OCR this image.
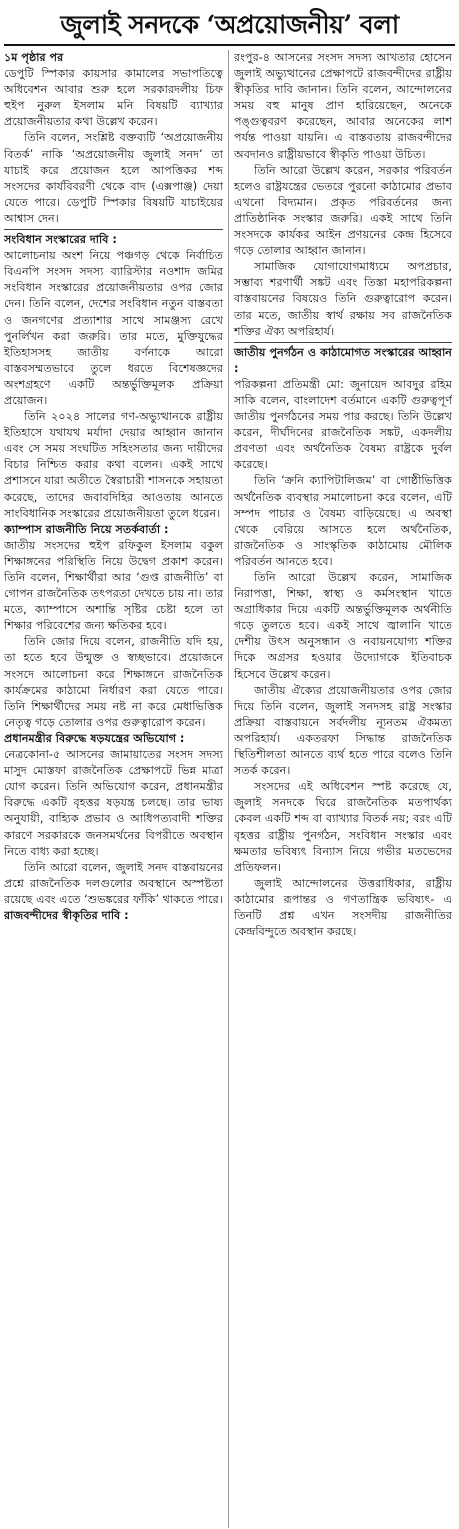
জুলাই সনদকে ‘অপ্রয়োজনীয়’ বলা

১ম পৃষ্ঠার পর

ডেপুটি স্পিকার কায়সার কামালের সভাপতিত্বে অধিবেশন আবার শুরু হলে সরকারদলীয় চিফ হুইপ নুরুল ইসলাম মনি বিষয়টি ব্যাখ্যার প্রয়োজনীয়তার কথা উল্লেখ করেন।

তিনি বলেন, সংশ্লিষ্ট বক্তব্যটি ‘অপ্রয়োজনীয় বিতর্ক’ নাকি ‘অপ্রয়োজনীয় জুলাই সনদ’ তা যাচাই করে প্রয়োজন হলে আপত্তিকর শব্দ সংসদের কার্যবিবরণী থেকে বাদ (এক্সপাঞ্জ) দেয়া যেতে পারে। ডেপুটি স্পিকার বিষয়টি যাচাইয়ের আশ্বাস দেন।

সংবিধান সংস্কারের দাবি :

আলোচনায় অংশ নিয়ে পঞ্চগড় থেকে নির্বাচিত বিএনপি সংসদ সদস্য ব্যারিস্টার নওশাদ জমির সংবিধান সংস্কারের প্রয়োজনীয়তার ওপর জোর দেন। তিনি বলেন, দেশের সংবিধান নতুন বাস্তবতা ও জনগণের প্রত্যাশার সাথে সামঞ্জস্য রেখে পুনর্লিখন করা জরুরি। তার মতে, মুক্তিযুদ্ধের ইতিহাসসহ জাতীয় বর্ণনাকে আরো বাস্তবসম্মতভাবে তুলে ধরতে বিশেষজ্ঞদের অংশগ্রহণে একটি অন্তর্ভুক্তিমূলক প্রক্রিয়া প্রয়োজন।

তিনি ২০২৪ সালের গণ-অভ্যুত্থানকে রাষ্ট্রীয় ইতিহাসে যথাযথ মর্যাদা দেয়ার আহ্বান জানান এবং সে সময় সংঘটিত সহিংসতার জন্য দায়ীদের বিচার নিশ্চিত করার কথা বলেন। একই সাথে প্রশাসনে যারা অতীতে স্বৈরাচারী শাসনকে সহায়তা করেছে, তাদের জবাবদিহির আওতায় আনতে সাংবিধানিক সংস্কারের প্রয়োজনীয়তা তুলে ধরেন।

ক্যাম্পাস রাজনীতি নিয়ে সতর্কবার্তা :

জাতীয় সংসদের হুইপ রফিকুল ইসলাম বকুল শিক্ষাঙ্গনের পরিস্থিতি নিয়ে উদ্বেগ প্রকাশ করেন। তিনি বলেন, শিক্ষার্থীরা আর ‘গুপ্ত রাজনীতি’ বা গোপন রাজনৈতিক তৎপরতা দেখতে চায় না। তার মতে, ক্যাম্পাসে অশান্তি সৃষ্টির চেষ্টা হলে তা শিক্ষার পরিবেশের জন্য ক্ষতিকর হবে।

তিনি জোর দিয়ে বলেন, রাজনীতি যদি হয়, তা হতে হবে উন্মুক্ত ও স্বচ্ছভাবে। প্রয়োজনে সংসদে আলোচনা করে শিক্ষাঙ্গনে রাজনৈতিক কার্যক্রমের কাঠামো নির্ধারণ করা যেতে পারে। তিনি শিক্ষার্থীদের সময় নষ্ট না করে মেধাভিত্তিক নেতৃত্ব গড়ে তোলার ওপর গুরুত্বারোপ করেন।

প্রধানমন্ত্রীর বিরুদ্ধে ষড়যন্ত্রের অভিযোগ :

নেত্রকোনা-৫ আসনের জামায়াতের সংসদ সদস্য মাসুদ মোস্তফা রাজনৈতিক প্রেক্ষাপটে ভিন্ন মাত্রা যোগ করেন। তিনি অভিযোগ করেন, প্রধানমন্ত্রীর বিরুদ্ধে একটি বৃহত্তর ষড়যন্ত্র চলছে। তার ভাষ্য অনুযায়ী, বাহ্যিক প্রভাব ও আধিপত্যবাদী শক্তির কারণে সরকারকে জনসমর্থনের বিপরীতে অবস্থান নিতে বাধ্য করা হচ্ছে।

তিনি আরো বলেন, জুলাই সনদ বাস্তবায়নের প্রশ্নে রাজনৈতিক দলগুলোর অবস্থানে অস্পষ্টতা রয়েছে এবং এতে ‘শুভঙ্করের ফাঁকি’ থাকতে পারে।

রাজবন্দীদের স্বীকৃতির দাবি :

রংপুর-৪ আসনের সংসদ সদস্য আখতার হোসেন জুলাই অভ্যুত্থানের প্রেক্ষাপটে রাজবন্দীদের রাষ্ট্রীয় স্বীকৃতির দাবি জানান। তিনি বলেন, আন্দোলনের সময় বহু মানুষ প্রাণ হারিয়েছেন, অনেকে পঙ্গুত্ববরণ করেছেন, আবার অনেকের লাশ পর্যন্ত পাওয়া যায়নি। এ বাস্তবতায় রাজবন্দীদের অবদানও রাষ্ট্রীয়ভাবে স্বীকৃতি পাওয়া উচিত।

তিনি আরো উল্লেখ করেন, সরকার পরিবর্তন হলেও রাষ্ট্রযন্ত্রের ভেতরে পুরনো কাঠামোর প্রভাব এখনো বিদ্যমান। প্রকৃত পরিবর্তনের জন্য প্রাতিষ্ঠানিক সংস্কার জরুরি। একই সাথে তিনি সংসদকে কার্যকর আইন প্রণয়নের কেন্দ্র হিসেবে গড়ে তোলার আহ্বান জানান।

সামাজিক যোগাযোগমাধ্যমে অপপ্রচার, সম্ভাব্য শরণার্থী সঙ্কট এবং তিস্তা মহাপরিকল্পনা বাস্তবায়নের বিষয়েও তিনি গুরুত্বারোপ করেন। তার মতে, জাতীয় স্বার্থ রক্ষায় সব রাজনৈতিক শক্তির ঐক্য অপরিহার্য।

জাতীয় পুনর্গঠন ও কাঠামোগত সংস্কারের আহ্বান :

পরিকল্পনা প্রতিমন্ত্রী মো: জুনায়েদ আবদুর রহিম সাকি বলেন, বাংলাদেশ বর্তমানে একটি গুরুত্বপূর্ণ জাতীয় পুনর্গঠনের সময় পার করছে। তিনি উল্লেখ করেন, দীর্ঘদিনের রাজনৈতিক সঙ্কট, একদলীয় প্রবণতা এবং অর্থনৈতিক বৈষম্য রাষ্ট্রকে দুর্বল করেছে।

তিনি ‘ক্রনি ক্যাপিটালিজম’ বা গোষ্ঠীভিত্তিক অর্থনৈতিক ব্যবস্থার সমালোচনা করে বলেন, এটি সম্পদ পাচার ও বৈষম্য বাড়িয়েছে। এ অবস্থা থেকে বেরিয়ে আসতে হলে অর্থনৈতিক, রাজনৈতিক ও সাংস্কৃতিক কাঠামোয় মৌলিক পরিবর্তন আনতে হবে।

তিনি আরো উল্লেখ করেন, সামাজিক নিরাপত্তা, শিক্ষা, স্বাস্থ্য ও কর্মসংস্থান খাতে অগ্রাধিকার দিয়ে একটি অন্তর্ভুক্তিমূলক অর্থনীতি গড়ে তুলতে হবে। একই সাথে জ্বালানি খাতে দেশীয় উৎস অনুসন্ধান ও নবায়নযোগ্য শক্তির দিকে অগ্রসর হওয়ার উদ্যোগকে ইতিবাচক হিসেবে উল্লেখ করেন।

জাতীয় ঐক্যের প্রয়োজনীয়তার ওপর জোর দিয়ে তিনি বলেন, জুলাই সনদসহ রাষ্ট্র সংস্কার প্রক্রিয়া বাস্তবায়নে সর্বদলীয় ন্যূনতম ঐকমত্য অপরিহার্য। একতরফা সিদ্ধান্ত রাজনৈতিক স্থিতিশীলতা আনতে ব্যর্থ হতে পারে বলেও তিনি সতর্ক করেন।

সংসদের এই অধিবেশন স্পষ্ট করেছে যে, জুলাই সনদকে ঘিরে রাজনৈতিক মতপার্থক্য কেবল একটি শব্দ বা ব্যাখ্যার বিতর্ক নয়; বরং এটি বৃহত্তর রাষ্ট্রীয় পুনর্গঠন, সংবিধান সংস্কার এবং ক্ষমতার ভবিষ্যৎ বিন্যাস নিয়ে গভীর মতভেদের প্রতিফলন।

জুলাই আন্দোলনের উত্তরাধিকার, রাষ্ট্রীয় কাঠামোর রূপান্তর ও গণতান্ত্রিক ভবিষ্যৎ- এ তিনটি প্রশ্ন এখন সংসদীয় রাজনীতির কেন্দ্রবিন্দুতে অবস্থান করছে।
